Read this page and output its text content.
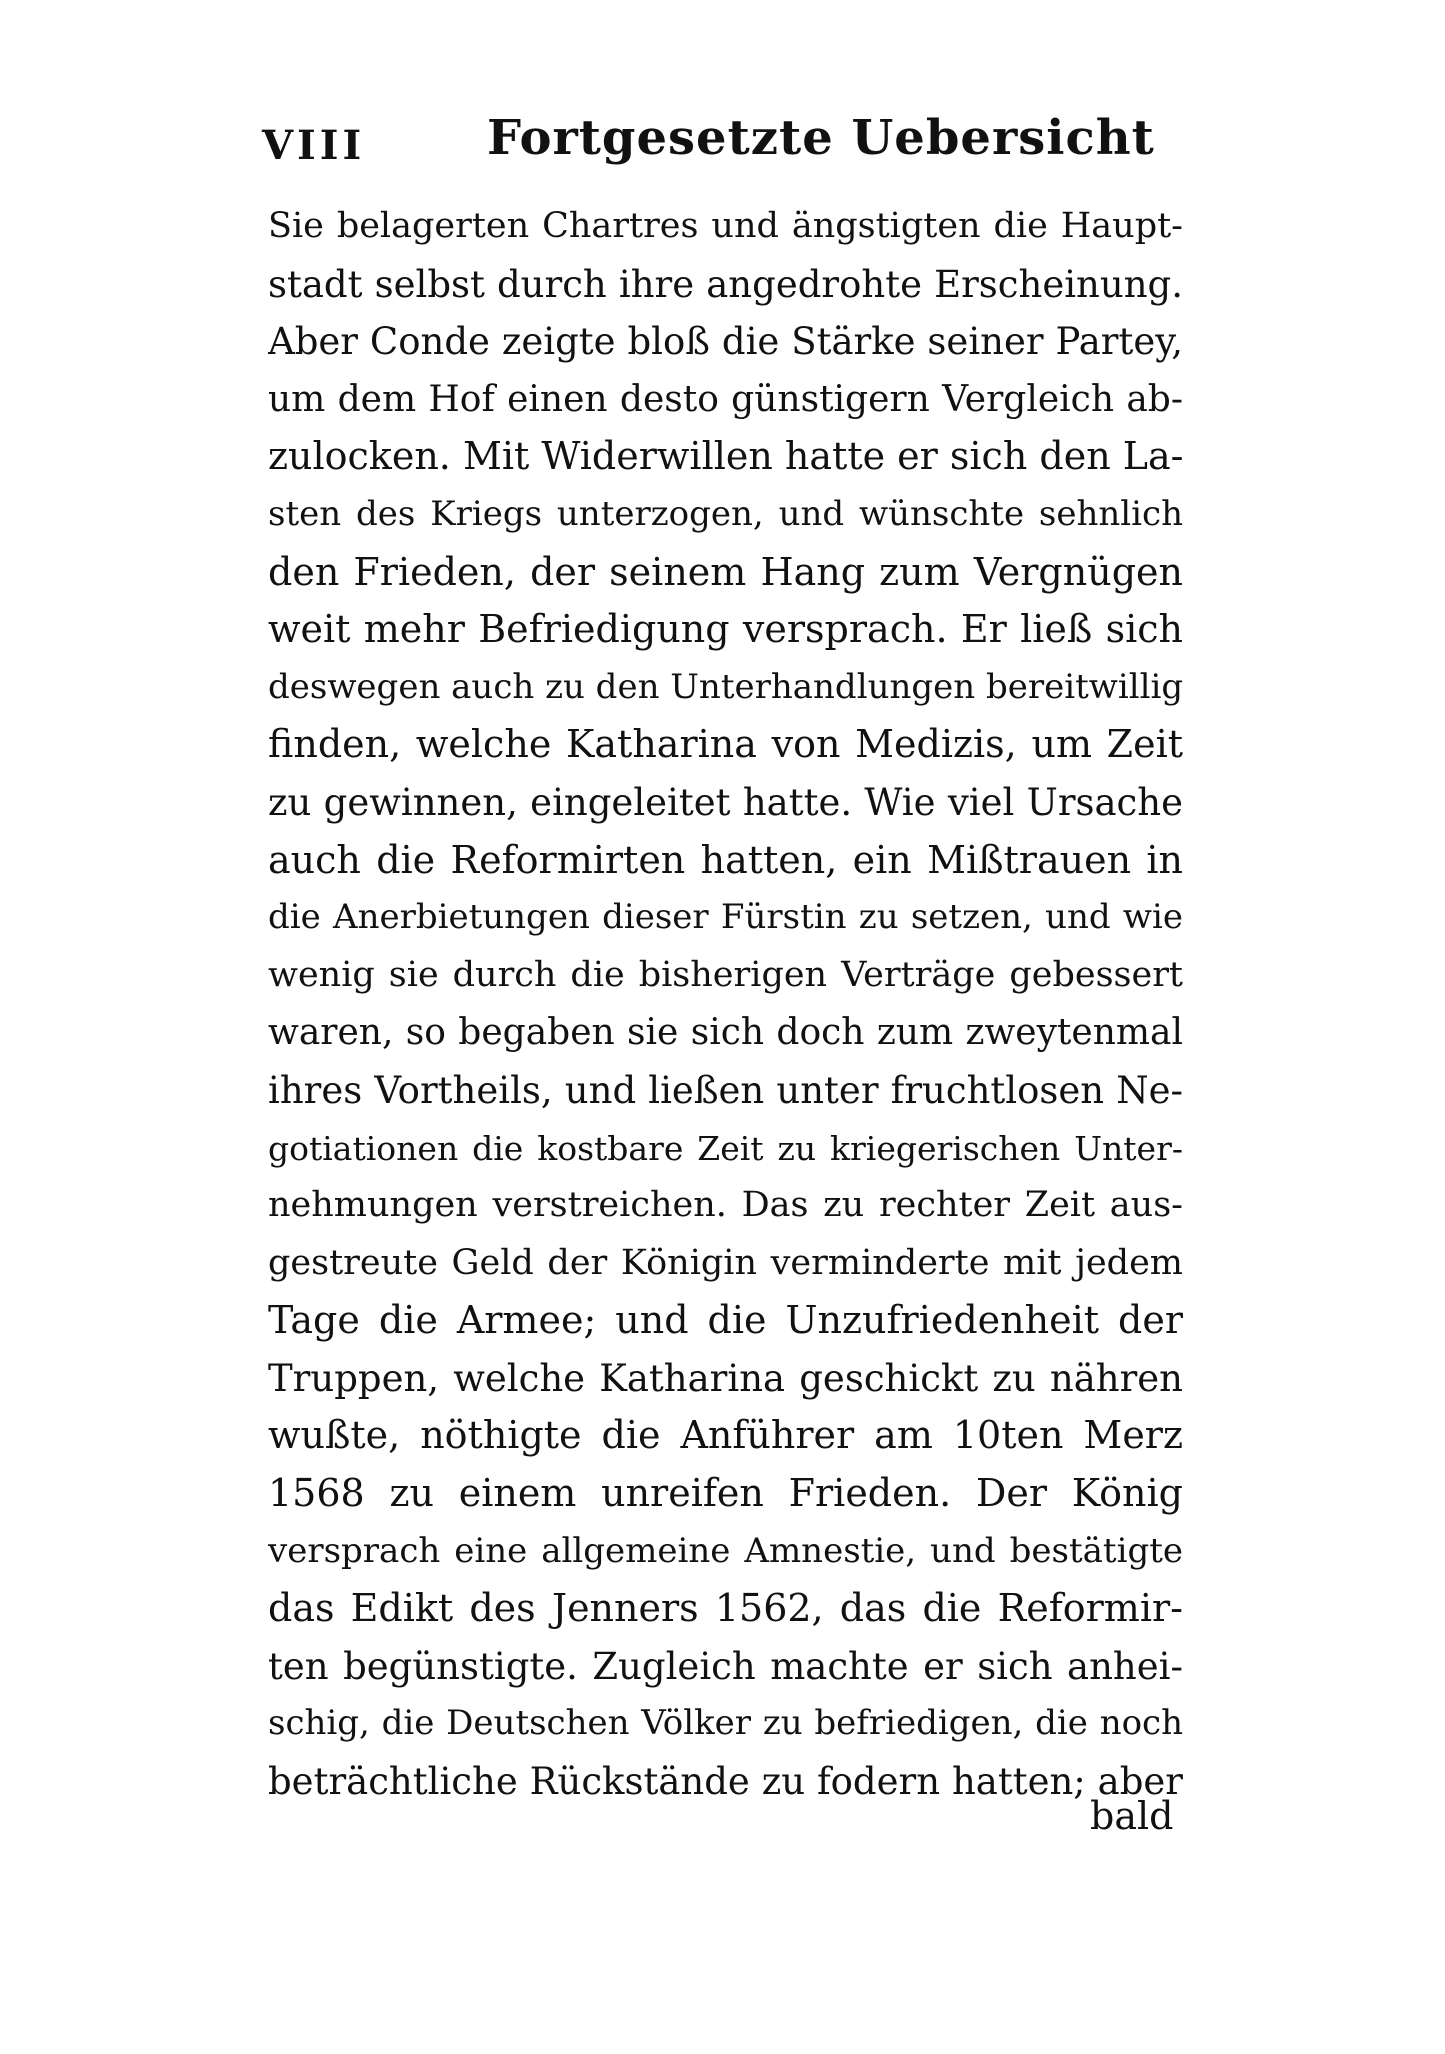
VIII	Fortgesetzte Uebersicht
Sie belagerten Chartres und ängstigten die Haupt-
stadt selbst durch ihre angedrohte Erscheinung.
Aber Conde zeigte bloß die Stärke seiner Partey,
um dem Hof einen desto günstigern Vergleich ab-
zulocken. Mit Widerwillen hatte er sich den La-
sten des Kriegs unterzogen, und wünschte sehnlich
den Frieden, der seinem Hang zum Vergnügen
weit mehr Befriedigung versprach. Er ließ sich
deswegen auch zu den Unterhandlungen bereitwillig
finden, welche Katharina von Medizis, um Zeit
zu gewinnen, eingeleitet hatte. Wie viel Ursache
auch die Reformirten hatten, ein Mißtrauen in
die Anerbietungen dieser Fürstin zu setzen, und wie
wenig sie durch die bisherigen Verträge gebessert
waren, so begaben sie sich doch zum zweytenmal
ihres Vortheils, und ließen unter fruchtlosen Ne-
gotiationen die kostbare Zeit zu kriegerischen Unter-
nehmungen verstreichen. Das zu rechter Zeit aus-
gestreute Geld der Königin verminderte mit jedem
Tage die Armee; und die Unzufriedenheit der
Truppen, welche Katharina geschickt zu nähren
wußte, nöthigte die Anführer am 10ten Merz
1568 zu einem unreifen Frieden. Der König
versprach eine allgemeine Amnestie, und bestätigte
das Edikt des Jenners 1562, das die Reformir-
ten begünstigte. Zugleich machte er sich anhei-
schig, die Deutschen Völker zu befriedigen, die noch
beträchtliche Rückstände zu fodern hatten; aber
bald
